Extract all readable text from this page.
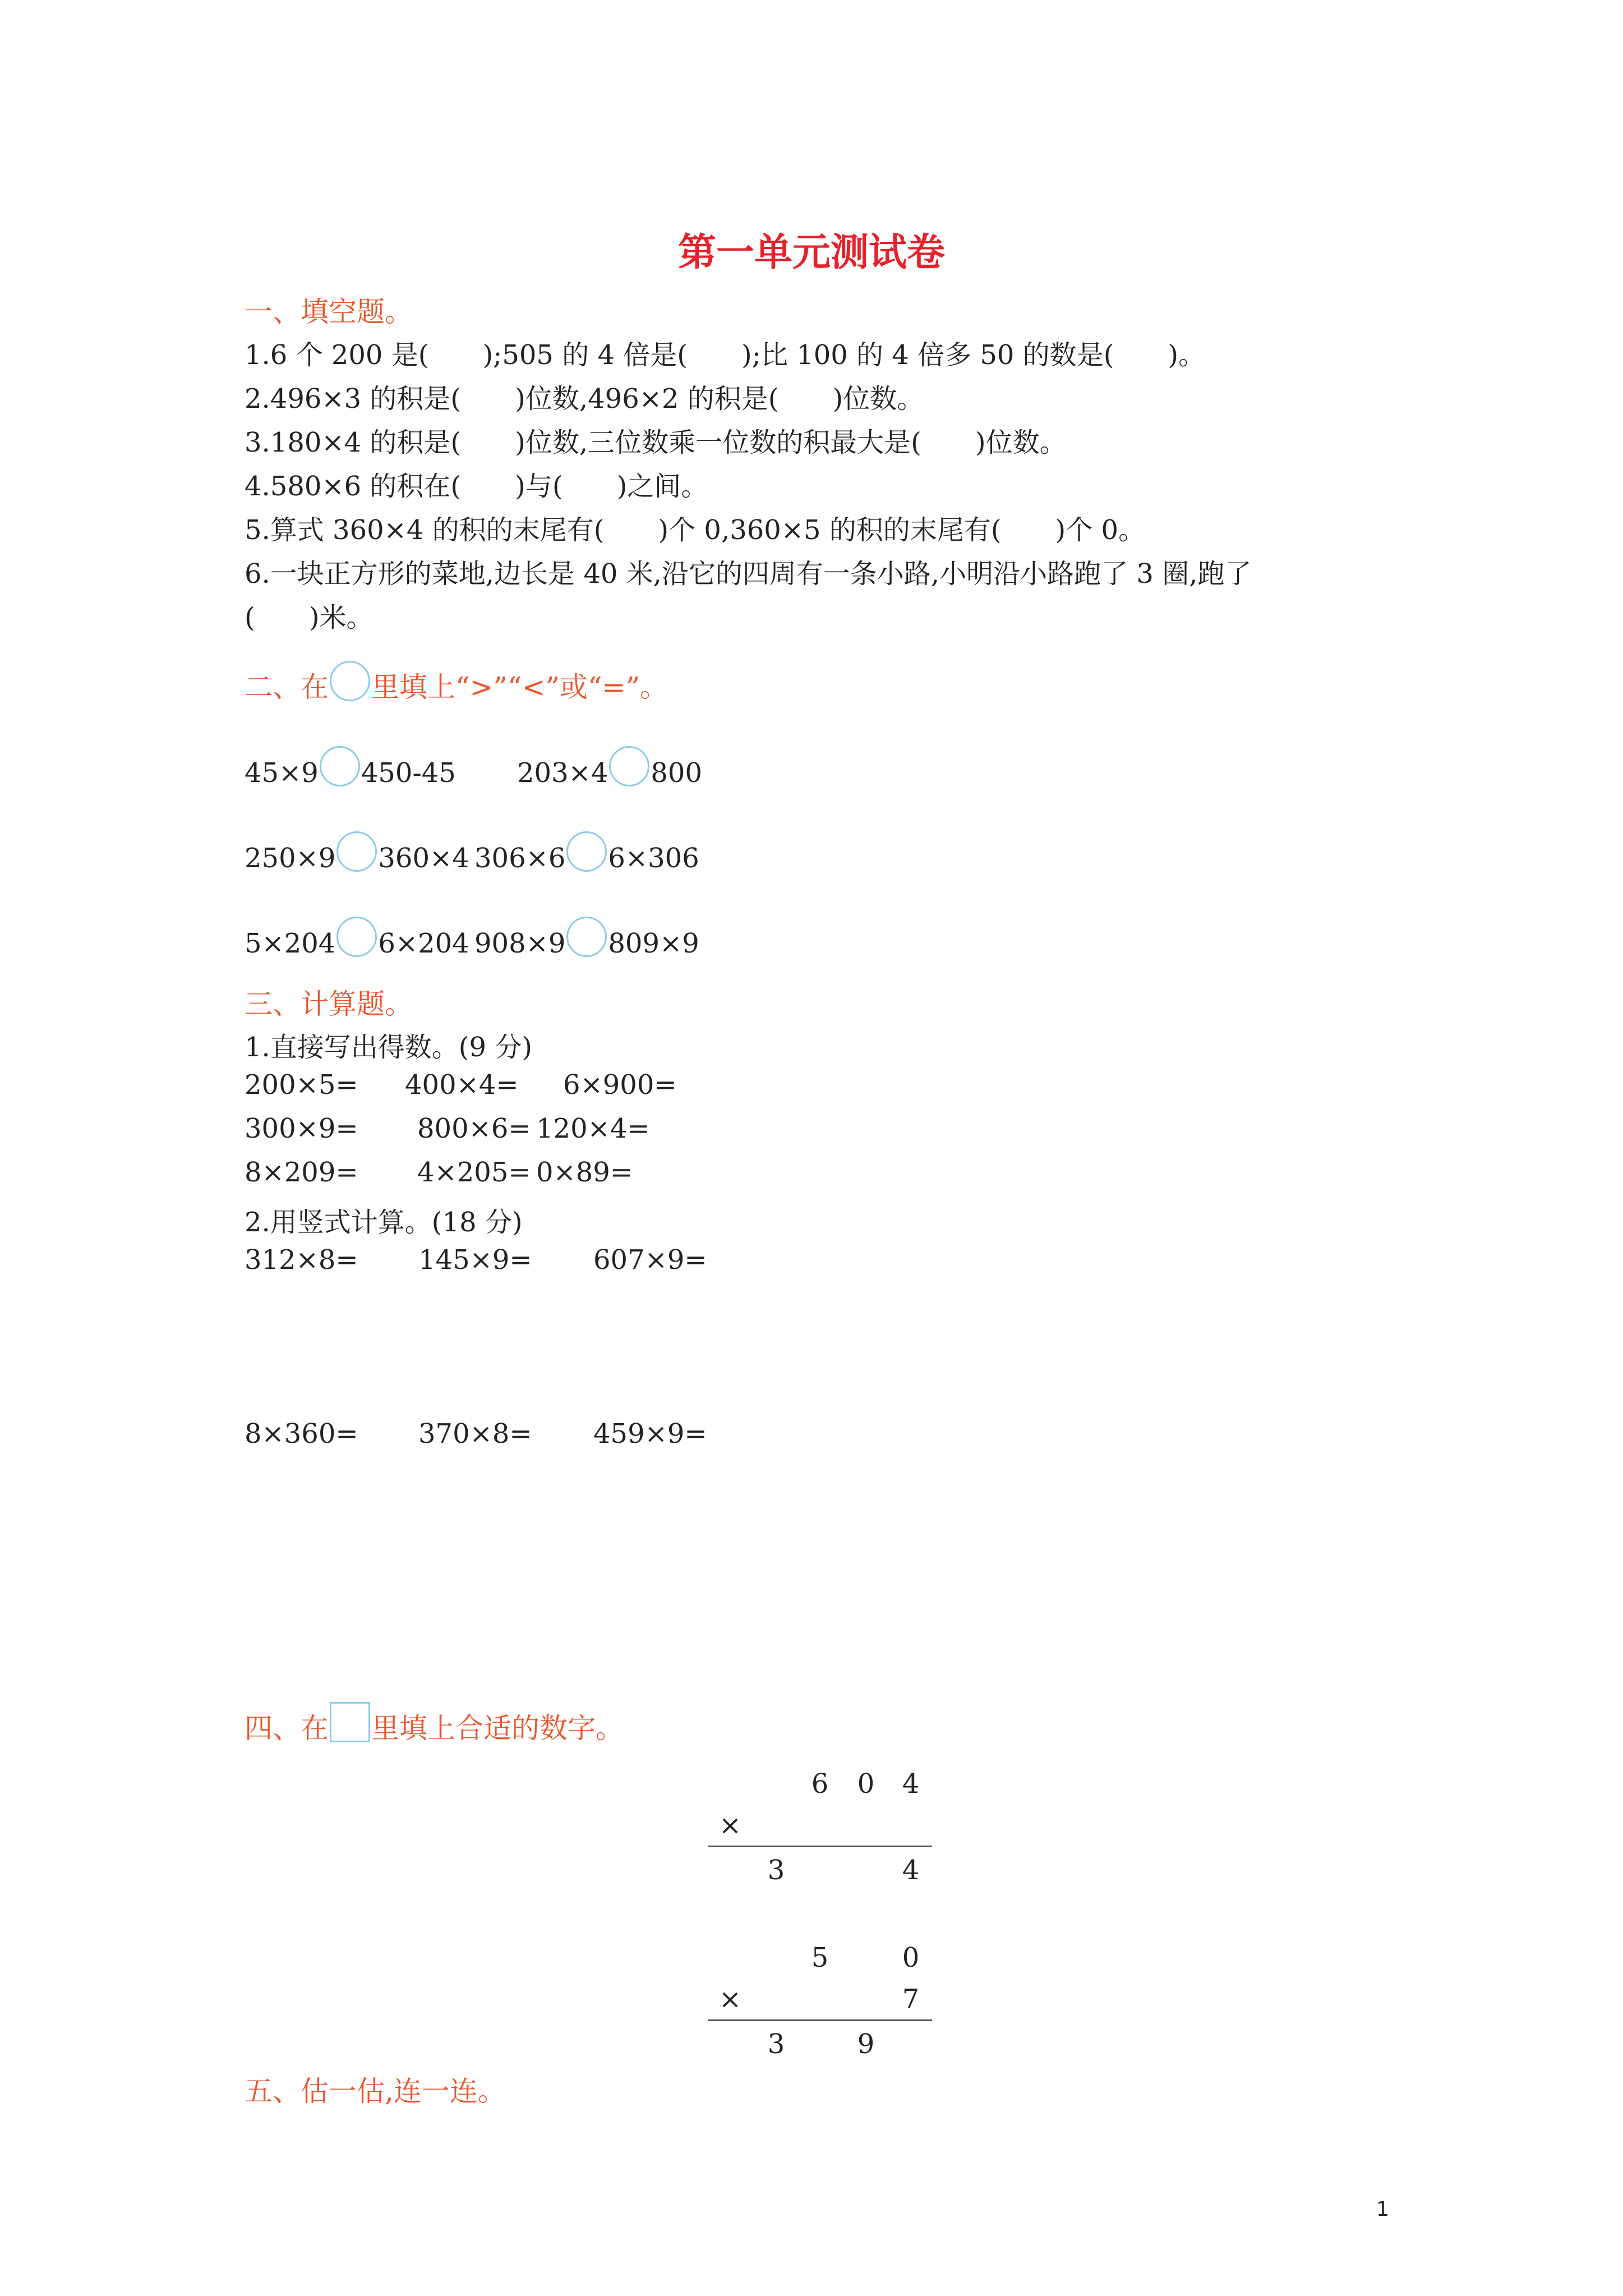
第一单元测试卷
一、填空题。
1.6 个 200 是(　　);505 的 4 倍是(　　);比 100 的 4 倍多 50 的数是(　　)。
2.496×3 的积是(　　)位数,496×2 的积是(　　)位数。
3.180×4 的积是(　　)位数,三位数乘一位数的积最大是(　　)位数。
4.580×6 的积在(　　)与(　　)之间。
5.算式 360×4 的积的末尾有(　　)个 0,360×5 的积的末尾有(　　)个 0。
6.一块正方形的菜地,边长是 40 米,沿它的四周有一条小路,小明沿小路跑了 3 圈,跑了
(　　)米。
二、在 里填上“>”“<”或“=”。
45×9 450-45 203×4 800
250×9 360×4 306×6 6×306
5×204 6×204 908×9 809×9
三、计算题。
1.直接写出得数。(9 分)
200×5= 400×4= 6×900=
300×9= 800×6= 120×4=
8×209= 4×205= 0×89=
2.用竖式计算。(18 分)
312×8= 145×9= 607×9=
8×360= 370×8= 459×9=
四、在 里填上合适的数字。
6	0	4
×
3	4
5	0
×	7
3	9
五、估一估,连一连。
1
